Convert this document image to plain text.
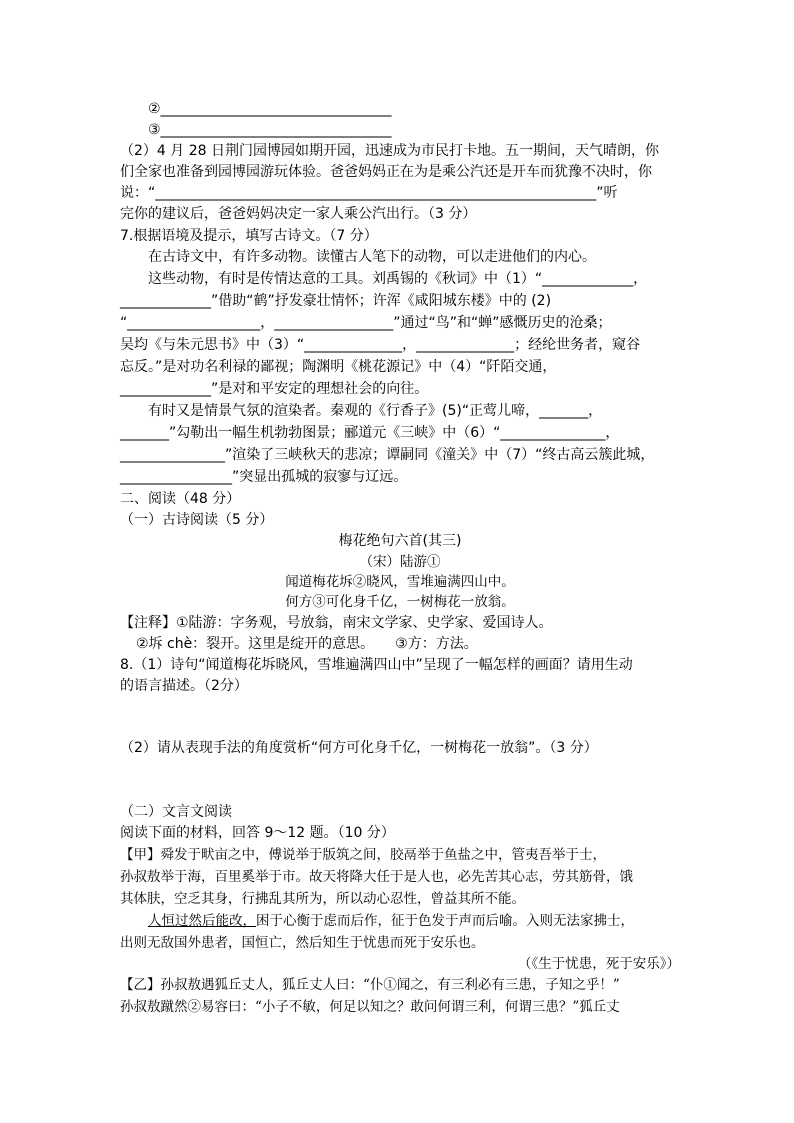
②_________________________________
③_________________________________
（2）4 月 28 日荆门园博园如期开园，迅速成为市民打卡地。五一期间，天气晴朗，你
们全家也准备到园博园游玩体验。爸爸妈妈正在为是乘公汽还是开车而犹豫不决时，你
说：“_______________________________________________________________”听
完你的建议后，爸爸妈妈决定一家人乘公汽出行。（3 分）
7.根据语境及提示，填写古诗文。（7 分）
在古诗文中，有许多动物。读懂古人笔下的动物，可以走进他们的内心。
这些动物，有时是传情达意的工具。刘禹锡的《秋词》中（1）“_____________，
_____________”借助“鹤”抒发豪壮情怀；许浑《咸阳城东楼》中的 (2)
“___________________，_________________”通过“鸟”和“蝉”感慨历史的沧桑；
吴均《与朱元思书》中（3）“______________，______________；经纶世务者，窥谷
忘反。”是对功名利禄的鄙视；陶渊明《桃花源记》中（4）“阡陌交通，
_____________”是对和平安定的理想社会的向往。
有时又是情景气氛的渲染者。秦观的《行香子》(5)“正莺儿啼，_______，
_______”勾勒出一幅生机勃勃图景；郦道元《三峡》中（6）“_______________，
_______________”渲染了三峡秋天的悲凉；谭嗣同《潼关》中（7）“终古高云簇此城，
________________”突显出孤城的寂寥与辽远。
二、阅读（48 分）
（一）古诗阅读（5 分）
梅花绝句六首(其三)
（宋）陆游①
闻道梅花坼②晓风，雪堆遍满四山中。
何方③可化身千亿，一树梅花一放翁。
【注释】①陆游：字务观，号放翁，南宋文学家、史学家、爱国诗人。
②坼 chè：裂开。这里是绽开的意思。　　③方：方法。
8.（1）诗句“闻道梅花坼晓风，雪堆遍满四山中”呈现了一幅怎样的画面？请用生动
的语言描述。（2分）
（2）请从表现手法的角度赏析“何方可化身千亿，一树梅花一放翁”。（3 分）
（二）文言文阅读
阅读下面的材料，回答 9～12 题。（10 分）
【甲】舜发于畎亩之中，傅说举于版筑之间，胶鬲举于鱼盐之中，管夷吾举于士，
孙叔敖举于海，百里奚举于市。故天将降大任于是人也，必先苦其心志，劳其筋骨，饿
其体肤，空乏其身，行拂乱其所为，所以动心忍性，曾益其所不能。
人恒过然后能改，困于心衡于虑而后作，征于色发于声而后喻。入则无法家拂士，
出则无敌国外患者，国恒亡，然后知生于忧患而死于安乐也。
（《生于忧患，死于安乐》）
【乙】孙叔敖遇狐丘丈人，狐丘丈人曰：“仆①闻之，有三利必有三患，子知之乎！”
孙叔敖蹴然②易容曰：“小子不敏，何足以知之？敢问何谓三利，何谓三患？”狐丘丈
